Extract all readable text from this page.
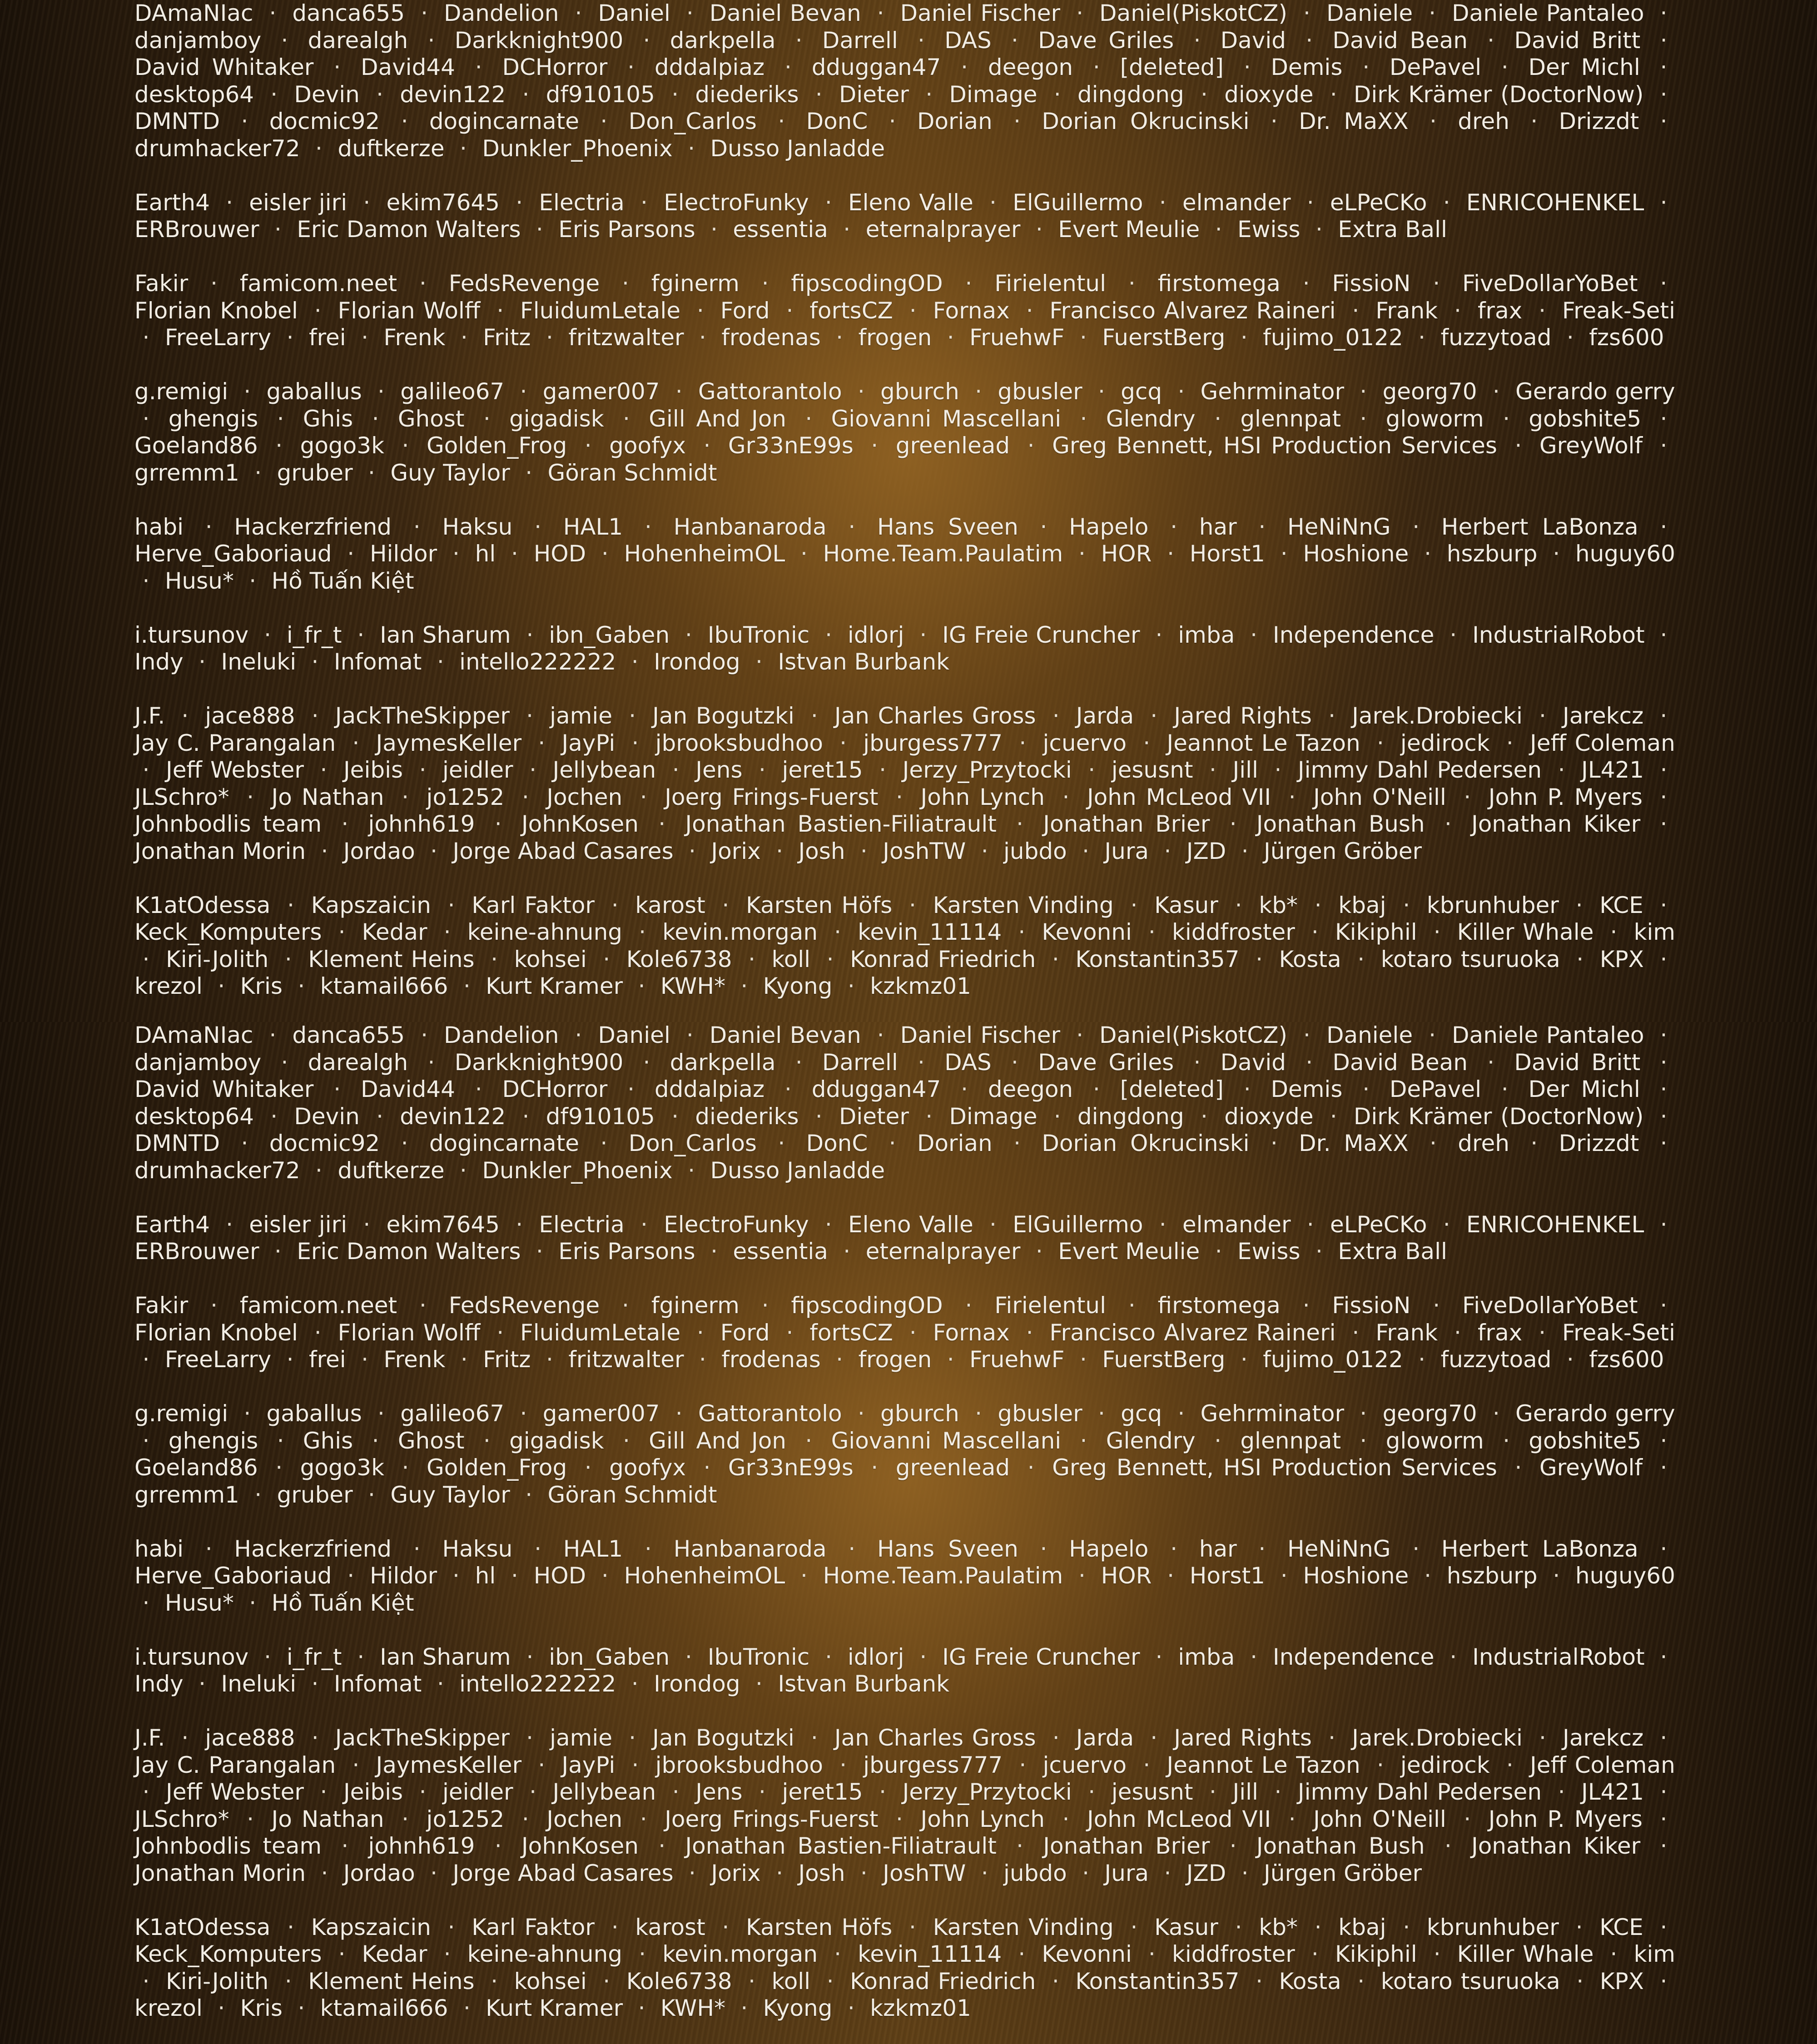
DAmaNIac · danca655 · Dandelion · Daniel · Daniel Bevan · Daniel Fischer · Daniel(PiskotCZ) · Daniele · Daniele Pantaleo · danjamboy · darealgh · Darkknight900 · darkpella · Darrell · DAS · Dave Griles · David · David Bean · David Britt · David Whitaker · David44 · DCHorror · dddalpiaz · dduggan47 · deegon · [deleted] · Demis · DePavel · Der Michl · desktop64 · Devin · devin122 · df910105 · diederiks · Dieter · Dimage · dingdong · dioxyde · Dirk Krämer (DoctorNow) · DMNTD · docmic92 · dogincarnate · Don_Carlos · DonC · Dorian · Dorian Okrucinski · Dr. MaXX · dreh · Drizzdt · drumhacker72 · duftkerze · Dunkler_Phoenix · Dusso Janladde
Earth4 · eisler jiri · ekim7645 · Electria · ElectroFunky · Eleno Valle · ElGuillermo · elmander · eLPeCKo · ENRICOHENKEL · ERBrouwer · Eric Damon Walters · Eris Parsons · essentia · eternalprayer · Evert Meulie · Ewiss · Extra Ball
Fakir · famicom.neet · FedsRevenge · fginerm · fipscodingOD · Firielentul · firstomega · FissioN · FiveDollarYoBet · Florian Knobel · Florian Wolff · FluidumLetale · Ford · fortsCZ · Fornax · Francisco Alvarez Raineri · Frank · frax · Freak-Seti · FreeLarry · frei · Frenk · Fritz · fritzwalter · frodenas · frogen · FruehwF · FuerstBerg · fujimo_0122 · fuzzytoad · fzs600
g.remigi · gaballus · galileo67 · gamer007 · Gattorantolo · gburch · gbusler · gcq · Gehrminator · georg70 · Gerardo gerry · ghengis · Ghis · Ghost · gigadisk · Gill And Jon · Giovanni Mascellani · Glendry · glennpat · gloworm · gobshite5 · Goeland86 · gogo3k · Golden_Frog · goofyx · Gr33nE99s · greenlead · Greg Bennett, HSI Production Services · GreyWolf · grremm1 · gruber · Guy Taylor · Göran Schmidt
habi · Hackerzfriend · Haksu · HAL1 · Hanbanaroda · Hans Sveen · Hapelo · har · HeNiNnG · Herbert LaBonza · Herve_Gaboriaud · Hildor · hl · HOD · HohenheimOL · Home.Team.Paulatim · HOR · Horst1 · Hoshione · hszburp · huguy60 · Husu* · Hồ Tuấn Kiệt
i.tursunov · i_fr_t · Ian Sharum · ibn_Gaben · IbuTronic · idlorj · IG Freie Cruncher · imba · Independence · IndustrialRobot · Indy · Ineluki · Infomat · intello222222 · Irondog · Istvan Burbank
J.F. · jace888 · JackTheSkipper · jamie · Jan Bogutzki · Jan Charles Gross · Jarda · Jared Rights · Jarek.Drobiecki · Jarekcz · Jay C. Parangalan · JaymesKeller · JayPi · jbrooksbudhoo · jburgess777 · jcuervo · Jeannot Le Tazon · jedirock · Jeff Coleman · Jeff Webster · Jeibis · jeidler · Jellybean · Jens · jeret15 · Jerzy_Przytocki · jesusnt · Jill · Jimmy Dahl Pedersen · JL421 · JLSchro* · Jo Nathan · jo1252 · Jochen · Joerg Frings-Fuerst · John Lynch · John McLeod VII · John O'Neill · John P. Myers · Johnbodlis team · johnh619 · JohnKosen · Jonathan Bastien-Filiatrault · Jonathan Brier · Jonathan Bush · Jonathan Kiker · Jonathan Morin · Jordao · Jorge Abad Casares · Jorix · Josh · JoshTW · jubdo · Jura · JZD · Jürgen Gröber
K1atOdessa · Kapszaicin · Karl Faktor · karost · Karsten Höfs · Karsten Vinding · Kasur · kb* · kbaj · kbrunhuber · KCE · Keck_Komputers · Kedar · keine-ahnung · kevin.morgan · kevin_11114 · Kevonni · kiddfroster · Kikiphil · Killer Whale · kim · Kiri-Jolith · Klement Heins · kohsei · Kole6738 · koll · Konrad Friedrich · Konstantin357 · Kosta · kotaro tsuruoka · KPX · krezol · Kris · ktamail666 · Kurt Kramer · KWH* · Kyong · kzkmz01
DAmaNIac · danca655 · Dandelion · Daniel · Daniel Bevan · Daniel Fischer · Daniel(PiskotCZ) · Daniele · Daniele Pantaleo · danjamboy · darealgh · Darkknight900 · darkpella · Darrell · DAS · Dave Griles · David · David Bean · David Britt · David Whitaker · David44 · DCHorror · dddalpiaz · dduggan47 · deegon · [deleted] · Demis · DePavel · Der Michl · desktop64 · Devin · devin122 · df910105 · diederiks · Dieter · Dimage · dingdong · dioxyde · Dirk Krämer (DoctorNow) · DMNTD · docmic92 · dogincarnate · Don_Carlos · DonC · Dorian · Dorian Okrucinski · Dr. MaXX · dreh · Drizzdt · drumhacker72 · duftkerze · Dunkler_Phoenix · Dusso Janladde
Earth4 · eisler jiri · ekim7645 · Electria · ElectroFunky · Eleno Valle · ElGuillermo · elmander · eLPeCKo · ENRICOHENKEL · ERBrouwer · Eric Damon Walters · Eris Parsons · essentia · eternalprayer · Evert Meulie · Ewiss · Extra Ball
Fakir · famicom.neet · FedsRevenge · fginerm · fipscodingOD · Firielentul · firstomega · FissioN · FiveDollarYoBet · Florian Knobel · Florian Wolff · FluidumLetale · Ford · fortsCZ · Fornax · Francisco Alvarez Raineri · Frank · frax · Freak-Seti · FreeLarry · frei · Frenk · Fritz · fritzwalter · frodenas · frogen · FruehwF · FuerstBerg · fujimo_0122 · fuzzytoad · fzs600
g.remigi · gaballus · galileo67 · gamer007 · Gattorantolo · gburch · gbusler · gcq · Gehrminator · georg70 · Gerardo gerry · ghengis · Ghis · Ghost · gigadisk · Gill And Jon · Giovanni Mascellani · Glendry · glennpat · gloworm · gobshite5 · Goeland86 · gogo3k · Golden_Frog · goofyx · Gr33nE99s · greenlead · Greg Bennett, HSI Production Services · GreyWolf · grremm1 · gruber · Guy Taylor · Göran Schmidt
habi · Hackerzfriend · Haksu · HAL1 · Hanbanaroda · Hans Sveen · Hapelo · har · HeNiNnG · Herbert LaBonza · Herve_Gaboriaud · Hildor · hl · HOD · HohenheimOL · Home.Team.Paulatim · HOR · Horst1 · Hoshione · hszburp · huguy60 · Husu* · Hồ Tuấn Kiệt
i.tursunov · i_fr_t · Ian Sharum · ibn_Gaben · IbuTronic · idlorj · IG Freie Cruncher · imba · Independence · IndustrialRobot · Indy · Ineluki · Infomat · intello222222 · Irondog · Istvan Burbank
J.F. · jace888 · JackTheSkipper · jamie · Jan Bogutzki · Jan Charles Gross · Jarda · Jared Rights · Jarek.Drobiecki · Jarekcz · Jay C. Parangalan · JaymesKeller · JayPi · jbrooksbudhoo · jburgess777 · jcuervo · Jeannot Le Tazon · jedirock · Jeff Coleman · Jeff Webster · Jeibis · jeidler · Jellybean · Jens · jeret15 · Jerzy_Przytocki · jesusnt · Jill · Jimmy Dahl Pedersen · JL421 · JLSchro* · Jo Nathan · jo1252 · Jochen · Joerg Frings-Fuerst · John Lynch · John McLeod VII · John O'Neill · John P. Myers · Johnbodlis team · johnh619 · JohnKosen · Jonathan Bastien-Filiatrault · Jonathan Brier · Jonathan Bush · Jonathan Kiker · Jonathan Morin · Jordao · Jorge Abad Casares · Jorix · Josh · JoshTW · jubdo · Jura · JZD · Jürgen Gröber
K1atOdessa · Kapszaicin · Karl Faktor · karost · Karsten Höfs · Karsten Vinding · Kasur · kb* · kbaj · kbrunhuber · KCE · Keck_Komputers · Kedar · keine-ahnung · kevin.morgan · kevin_11114 · Kevonni · kiddfroster · Kikiphil · Killer Whale · kim · Kiri-Jolith · Klement Heins · kohsei · Kole6738 · koll · Konrad Friedrich · Konstantin357 · Kosta · kotaro tsuruoka · KPX · krezol · Kris · ktamail666 · Kurt Kramer · KWH* · Kyong · kzkmz01
